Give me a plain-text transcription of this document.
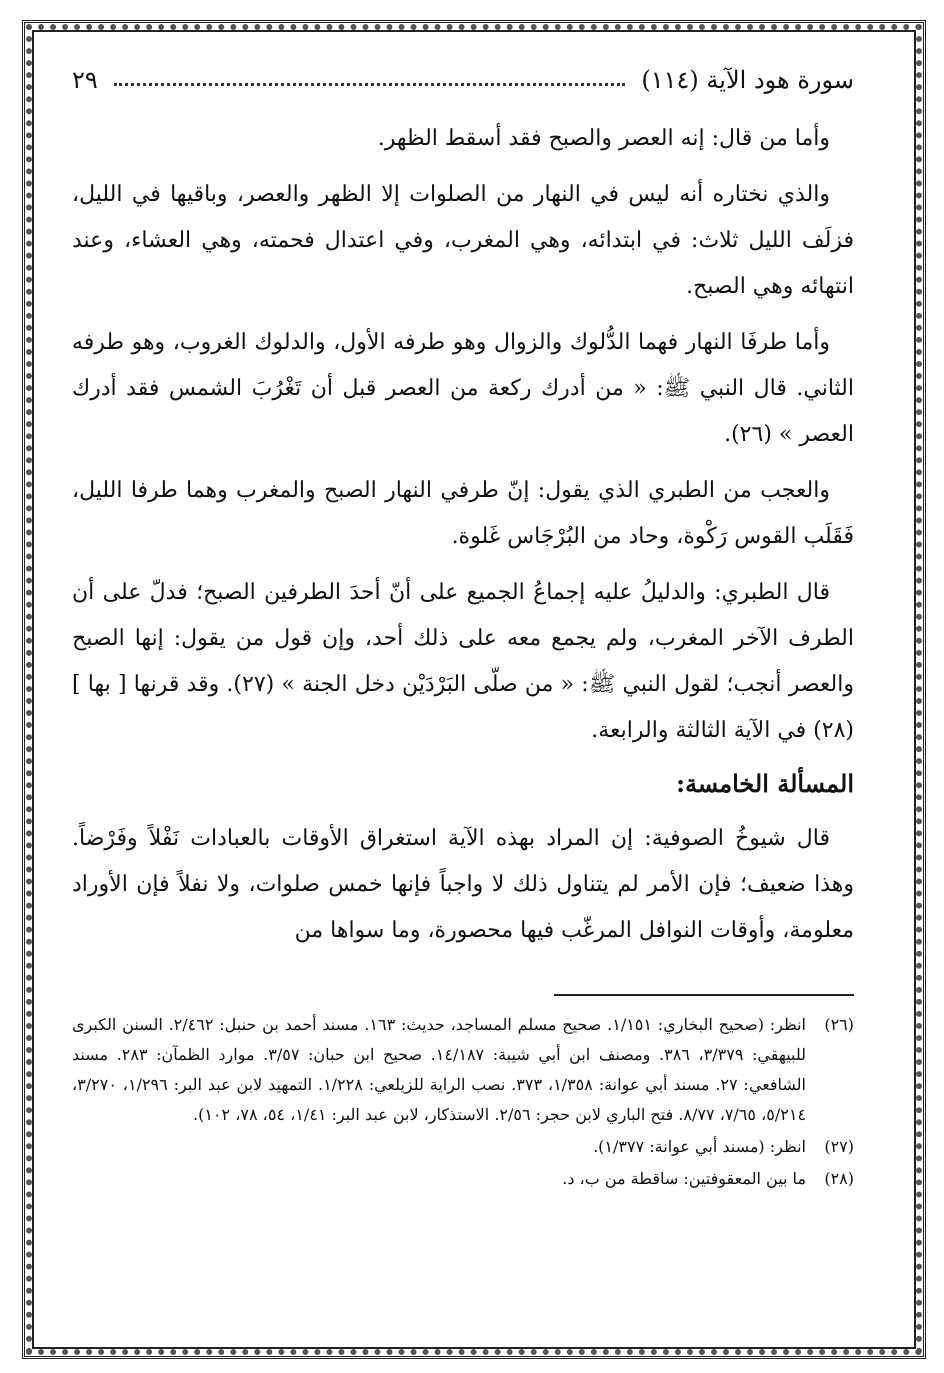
سورة هود الآية (١١٤)
٢٩

وأما من قال: إنه العصر والصبح فقد أسقط الظهر.

والذي نختاره أنه ليس في النهار من الصلوات إلا الظهر والعصر، وباقيها في الليل، فزلَف الليل ثلاث: في ابتدائه، وهي المغرب، وفي اعتدال فحمته، وهي العشاء، وعند انتهائه وهي الصبح.

وأما طرفَا النهار فهما الدُّلوك والزوال وهو طرفه الأول، والدلوك الغروب، وهو طرفه الثاني. قال النبي ﷺ: « من أدرك ركعة من العصر قبل أن تَغْرُبَ الشمس فقد أدرك العصر » (٢٦).

والعجب من الطبري الذي يقول: إنّ طرفي النهار الصبح والمغرب وهما طرفا الليل، فَقَلَب القوس رَكْوة، وحاد من البُرْجَاس غَلوة.

قال الطبري: والدليلُ عليه إجماعُ الجميع على أنّ أحدَ الطرفين الصبح؛ فدلّ على أن الطرف الآخر المغرب، ولم يجمع معه على ذلك أحد، وإن قول من يقول: إنها الصبح والعصر أنجب؛ لقول النبي ﷺ: « من صلّى البَرْدَيْن دخل الجنة » (٢٧). وقد قرنها [ بها ] (٢٨) في الآية الثالثة والرابعة.

المسألة الخامسة:

قال شيوخُ الصوفية: إن المراد بهذه الآية استغراق الأوقات بالعبادات نَفْلاً وفَرْضاً. وهذا ضعيف؛ فإن الأمر لم يتناول ذلك لا واجباً فإنها خمس صلوات، ولا نفلاً فإن الأوراد معلومة، وأوقات النوافل المرغّب فيها محصورة، وما سواها من

(٢٦)
انظر: (صحيح البخاري: ١/١٥١. صحيح مسلم المساجد، حديث: ١٦٣. مسند أحمد بن حنبل: ٢/٤٦٢. السنن الكبرى للبيهقي: ٣/٣٧٩، ٣٨٦. ومصنف ابن أبي شيبة: ١٤/١٨٧. صحيح ابن حبان: ٣/٥٧. موارد الظمآن: ٢٨٣. مسند الشافعي: ٢٧. مسند أبي عوانة: ١/٣٥٨، ٣٧٣. نصب الراية للزيلعي: ١/٢٢٨. التمهيد لابن عبد البر: ١/٢٩٦، ٣/٢٧٠، ٥/٢١٤، ٧/٦٥، ٨/٧٧. فتح الباري لابن حجر: ٢/٥٦. الاستذكار، لابن عبد البر: ١/٤١، ٥٤، ٧٨، ١٠٢).
(٢٧)
انظر: (مسند أبي عوانة: ١/٣٧٧).
(٢٨)
ما بين المعقوفتين: ساقطة من ب، د.
